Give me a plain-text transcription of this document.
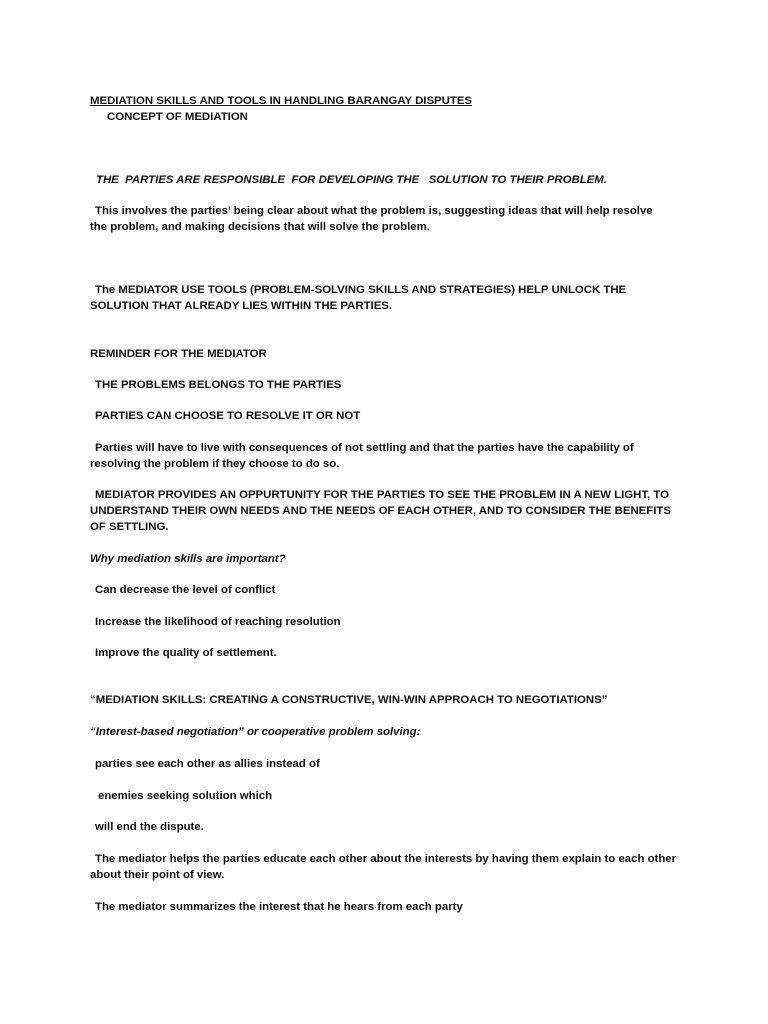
MEDIATION SKILLS AND TOOLS IN HANDLING BARANGAY DISPUTES

CONCEPT OF MEDIATION

THE  PARTIES ARE RESPONSIBLE  FOR DEVELOPING THE   SOLUTION TO THEIR PROBLEM.

This involves the parties’ being clear about what the problem is, suggesting ideas that will help resolve the problem, and making decisions that will solve the problem.

The MEDIATOR USE TOOLS (PROBLEM-SOLVING SKILLS AND STRATEGIES) HELP UNLOCK THE SOLUTION THAT ALREADY LIES WITHIN THE PARTIES.

REMINDER FOR THE MEDIATOR

THE PROBLEMS BELONGS TO THE PARTIES

PARTIES CAN CHOOSE TO RESOLVE IT OR NOT

Parties will have to live with consequences of not settling and that the parties have the capability of resolving the problem if they choose to do so.

MEDIATOR PROVIDES AN OPPURTUNITY FOR THE PARTIES TO SEE THE PROBLEM IN A NEW LIGHT, TO UNDERSTAND THEIR OWN NEEDS AND THE NEEDS OF EACH OTHER, AND TO CONSIDER THE BENEFITS OF SETTLING.

Why mediation skills are important?

Can decrease the level of conflict

Increase the likelihood of reaching resolution

Improve the quality of settlement.

“MEDIATION SKILLS: CREATING A CONSTRUCTIVE, WIN-WIN APPROACH TO NEGOTIATIONS”

“Interest-based negotiation” or cooperative problem solving:

parties see each other as allies instead of

enemies seeking solution which

will end the dispute.

The mediator helps the parties educate each other about the interests by having them explain to each other about their point of view.

The mediator summarizes the interest that he hears from each party
